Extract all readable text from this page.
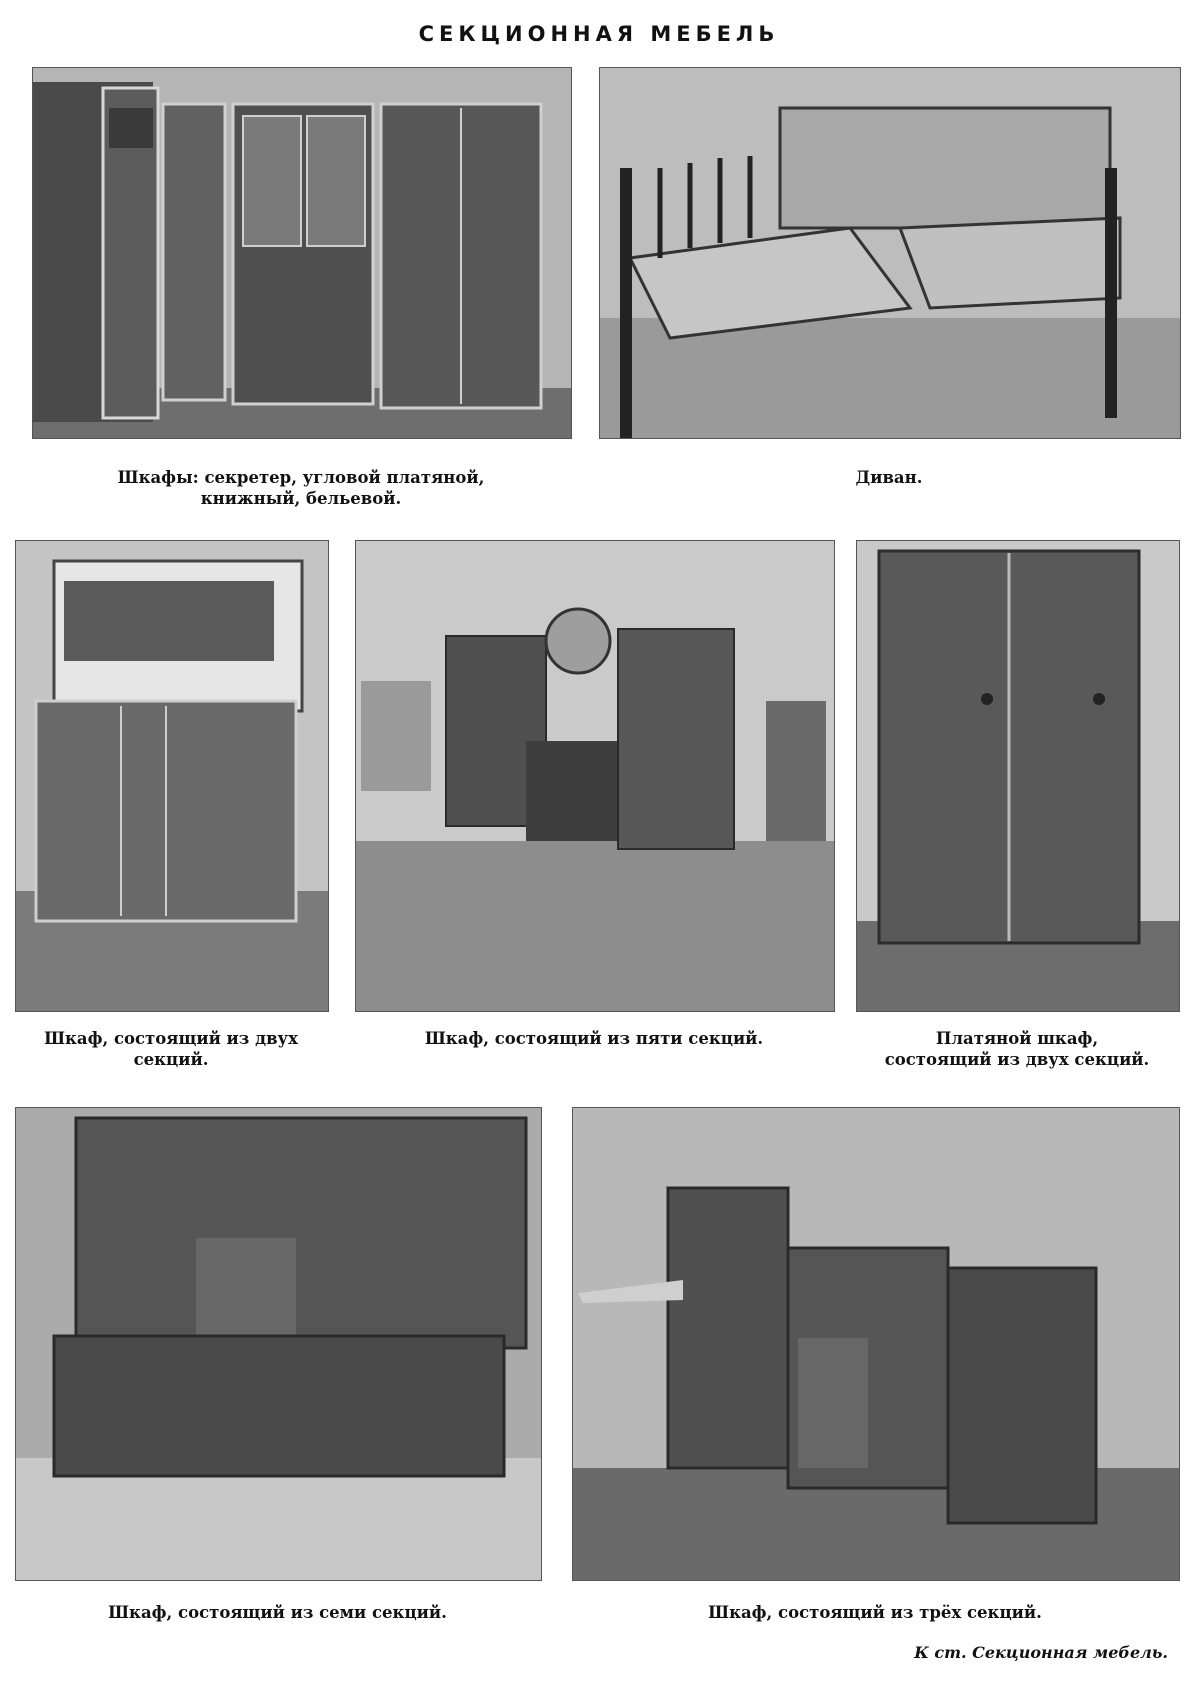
СЕКЦИОННАЯ МЕБЕЛЬ
Шкафы: секретер, угловой платяной,
книжный, бельевой.
Диван.
Шкаф, состоящий из двух
секций.
Шкаф, состоящий из пяти секций.	Платяной шкаф,
состоящий из двух секций.
Шкаф, состоящий из семи секций.	Шкаф, состоящий из трёх секций.
К ст. Секционная мебель.
